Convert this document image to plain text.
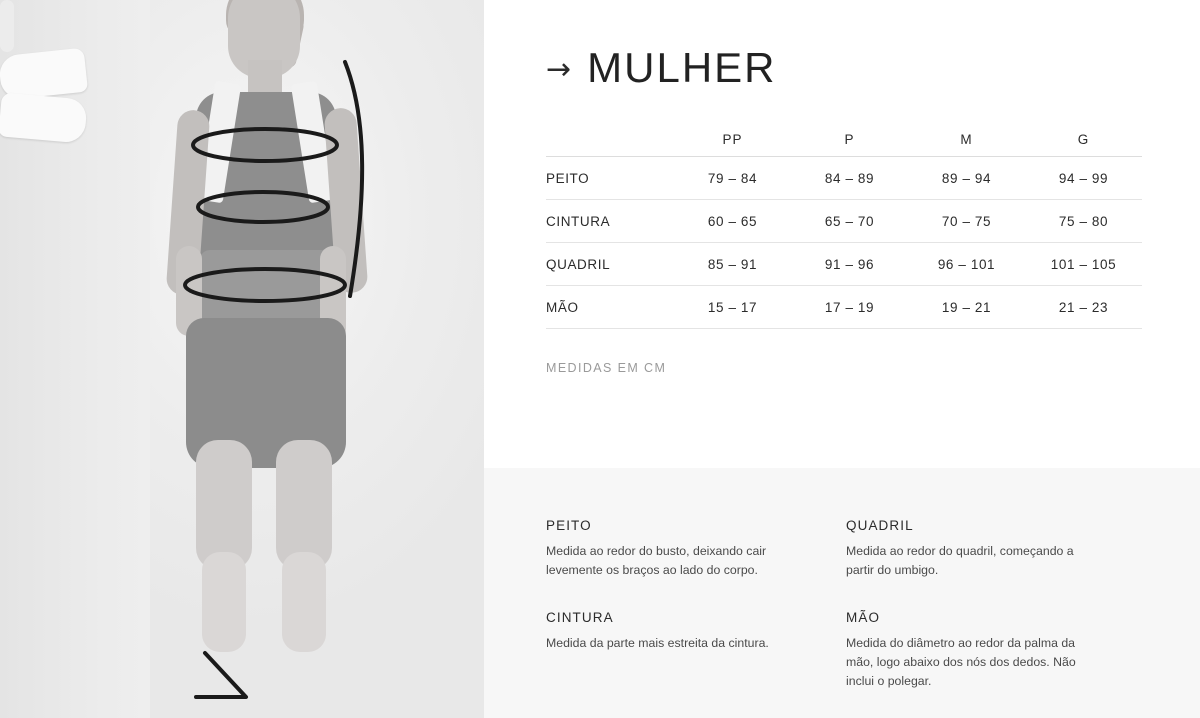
→ MULHER
	PP	P	M	G
PEITO	79 – 84	84 – 89	89 – 94	94 – 99
CINTURA	60 – 65	65 – 70	70 – 75	75 – 80
QUADRIL	85 – 91	91 – 96	96 – 101	101 – 105
MÃO	15 – 17	17 – 19	19 – 21	21 – 23
MEDIDAS EM CM
PEITO

Medida ao redor do busto, deixando cair levemente os braços ao lado do corpo.

QUADRIL

Medida ao redor do quadril, começando a partir do umbigo.

CINTURA

Medida da parte mais estreita da cintura.

MÃO

Medida do diâmetro ao redor da palma da mão, logo abaixo dos nós dos dedos. Não inclui o polegar.
